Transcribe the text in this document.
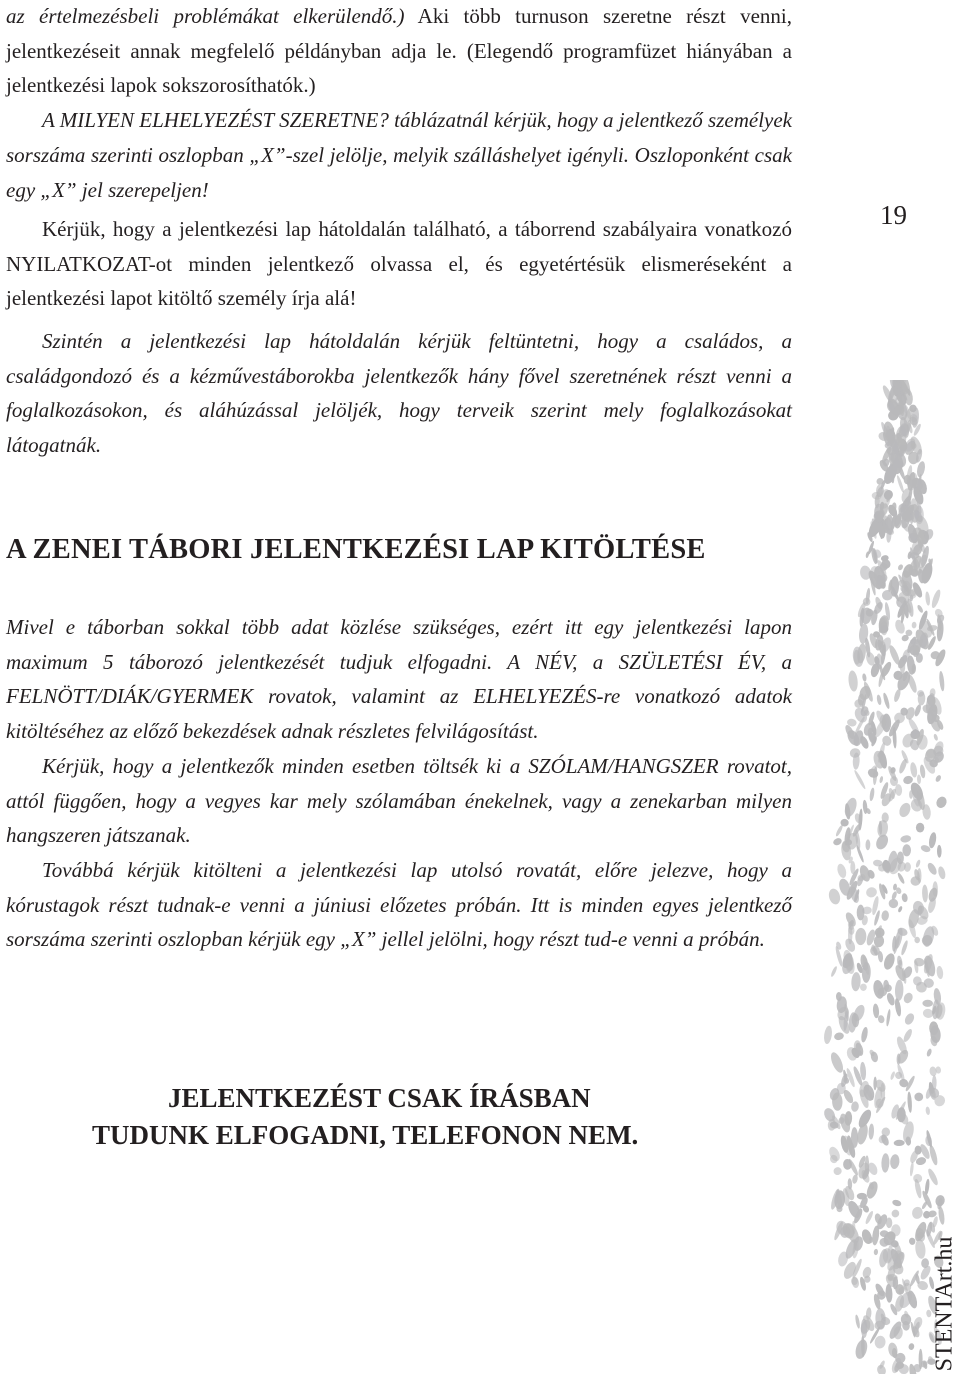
az értelmezésbeli problémákat elkerülendő.) Aki több turnuson szeretne részt venni, jelentkezéseit annak megfelelő példányban adja le. (Elegendő programfüzet hiányában a jelentkezési lapok sokszorosíthatók.)
A MILYEN ELHELYEZÉST SZERETNE? táblázatnál kérjük, hogy a jelentkező személyek sorszáma szerinti oszlopban „X”-szel jelölje, melyik szálláshelyet igényli. Oszloponként csak egy „X” jel szerepeljen!

Kérjük, hogy a jelentkezési lap hátoldalán található, a táborrend szabályaira vonatkozó NYILATKOZAT-ot minden jelentkező olvassa el, és egyetértésük elismeréseként a jelentkezési lapot kitöltő személy írja alá!

Szintén a jelentkezési lap hátoldalán kérjük feltüntetni, hogy a családos, a családgondozó és a kézművestáborokba jelentkezők hány fővel szeretnének részt venni a foglalkozásokon, és aláhúzással jelöljék, hogy terveik szerint mely foglalkozásokat látogatnák.

A ZENEI TÁBORI JELENTKEZÉSI LAP KITÖLTÉSE
Mivel e táborban sokkal több adat közlése szükséges, ezért itt egy jelentkezési lapon maximum 5 táborozó jelentkezését tudjuk elfogadni. A NÉV, a SZÜLETÉSI ÉV, a FELNÖTT/DIÁK/GYERMEK rovatok, valamint az ELHELYEZÉS-re vonatkozó adatok kitöltéséhez az előző bekezdések adnak részletes felvilágosítást.
Kérjük, hogy a jelentkezők minden esetben töltsék ki a SZÓLAM/HANGSZER rovatot, attól függően, hogy a vegyes kar mely szólamában énekelnek, vagy a zenekarban milyen hangszeren játszanak.
Továbbá kérjük kitölteni a jelentkezési lap utolsó rovatát, előre jelezve, hogy a kórustagok részt tudnak-e venni a júniusi előzetes próbán. Itt is minden egyes jelentkező sorszáma szerinti oszlopban kérjük egy „X” jellel jelölni, hogy részt tud-e venni a próbán.

JELENTKEZÉST CSAK ÍRÁSBAN
TUDUNK ELFOGADNI, TELEFONON NEM.

19
STENTArt.hu
